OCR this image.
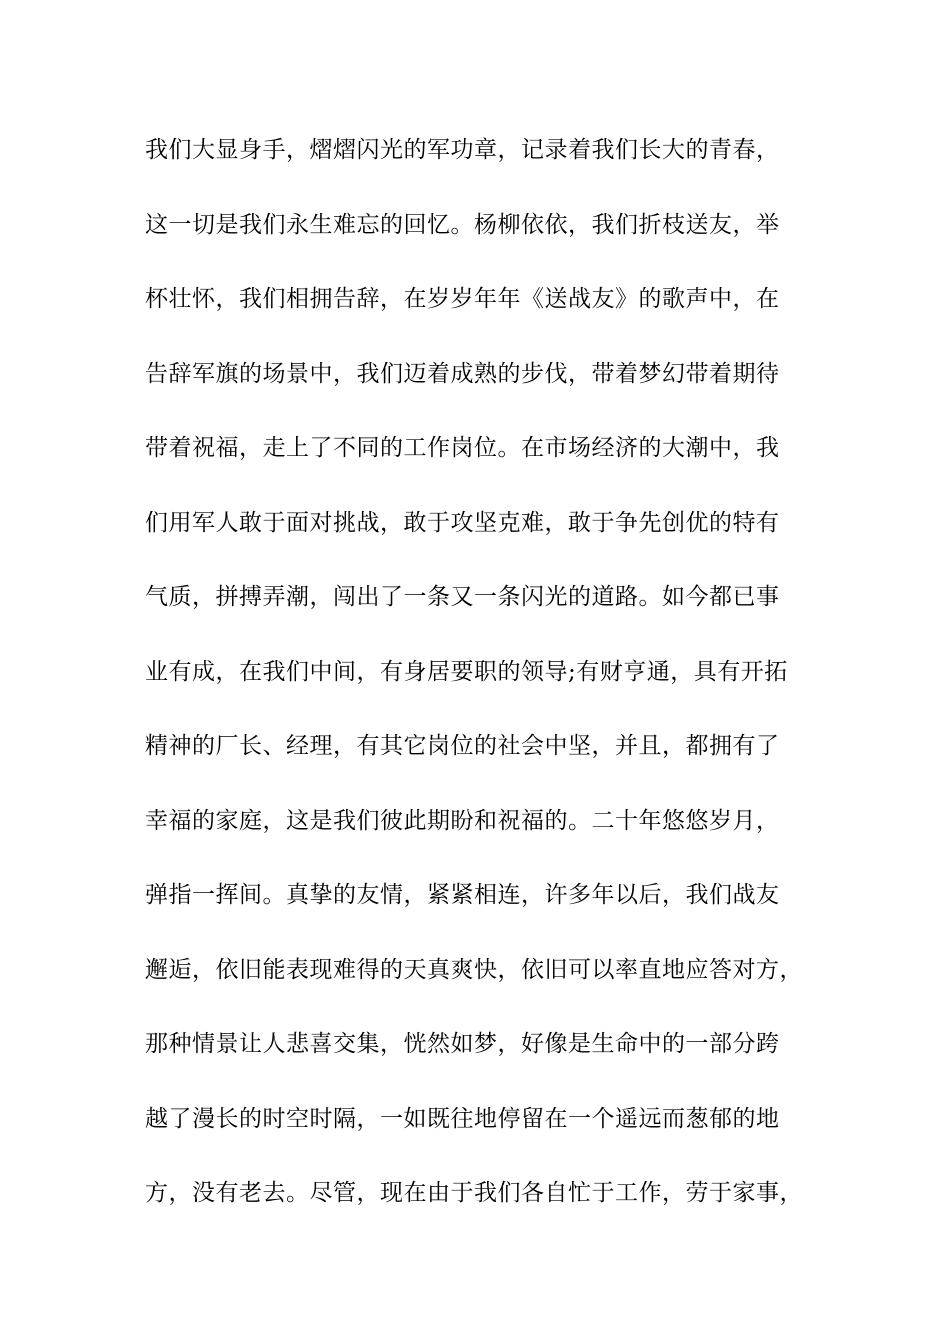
我们大显身手，熠熠闪光的军功章，记录着我们长大的青春，
这一切是我们永生难忘的回忆。杨柳依依，我们折枝送友，举
杯壮怀，我们相拥告辞，在岁岁年年《送战友》的歌声中，在
告辞军旗的场景中，我们迈着成熟的步伐，带着梦幻带着期待
带着祝福，走上了不同的工作岗位。在市场经济的大潮中，我
们用军人敢于面对挑战，敢于攻坚克难，敢于争先创优的特有
气质，拼搏弄潮，闯出了一条又一条闪光的道路。如今都已事
业有成，在我们中间，有身居要职的领导;有财亨通，具有开拓
精神的厂长、经理，有其它岗位的社会中坚，并且，都拥有了
幸福的家庭，这是我们彼此期盼和祝福的。二十年悠悠岁月，
弹指一挥间。真挚的友情，紧紧相连，许多年以后，我们战友
邂逅，依旧能表现难得的天真爽快，依旧可以率直地应答对方，
那种情景让人悲喜交集，恍然如梦，好像是生命中的一部分跨
越了漫长的时空时隔，一如既往地停留在一个遥远而葱郁的地
方，没有老去。尽管，现在由于我们各自忙于工作，劳于家事，
